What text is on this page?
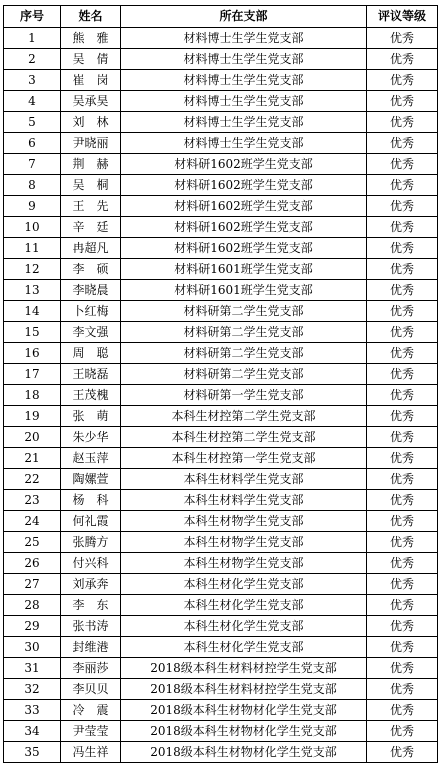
序号	姓名	所在支部	评议等级
1	熊　雅	材料博士生学生党支部	优秀
2	吴　倩	材料博士生学生党支部	优秀
3	崔　岗	材料博士生学生党支部	优秀
4	吴承昊	材料博士生学生党支部	优秀
5	刘　林	材料博士生学生党支部	优秀
6	尹晓丽	材料博士生学生党支部	优秀
7	荆　赫	材料研1602班学生党支部	优秀
8	吴　桐	材料研1602班学生党支部	优秀
9	王　先	材料研1602班学生党支部	优秀
10	辛　廷	材料研1602班学生党支部	优秀
11	冉超凡	材料研1602班学生党支部	优秀
12	李　硕	材料研1601班学生党支部	优秀
13	李晓晨	材料研1601班学生党支部	优秀
14	卜红梅	材料研第二学生党支部	优秀
15	李文强	材料研第二学生党支部	优秀
16	周　聪	材料研第二学生党支部	优秀
17	王晓磊	材料研第二学生党支部	优秀
18	王茂槐	材料研第一学生党支部	优秀
19	张　萌	本科生材控第二学生党支部	优秀
20	朱少华	本科生材控第二学生党支部	优秀
21	赵玉萍	本科生材控第一学生党支部	优秀
22	陶嫘萱	本科生材料学生党支部	优秀
23	杨　科	本科生材料学生党支部	优秀
24	何礼霞	本科生材物学生党支部	优秀
25	张腾方	本科生材物学生党支部	优秀
26	付兴科	本科生材物学生党支部	优秀
27	刘承奔	本科生材化学生党支部	优秀
28	李　东	本科生材化学生党支部	优秀
29	张书涛	本科生材化学生党支部	优秀
30	封维港	本科生材化学生党支部	优秀
31	李丽莎	2018级本科生材料材控学生党支部	优秀
32	李贝贝	2018级本科生材料材控学生党支部	优秀
33	冷　震	2018级本科生材物材化学生党支部	优秀
34	尹莹莹	2018级本科生材物材化学生党支部	优秀
35	冯生祥	2018级本科生材物材化学生党支部	优秀
